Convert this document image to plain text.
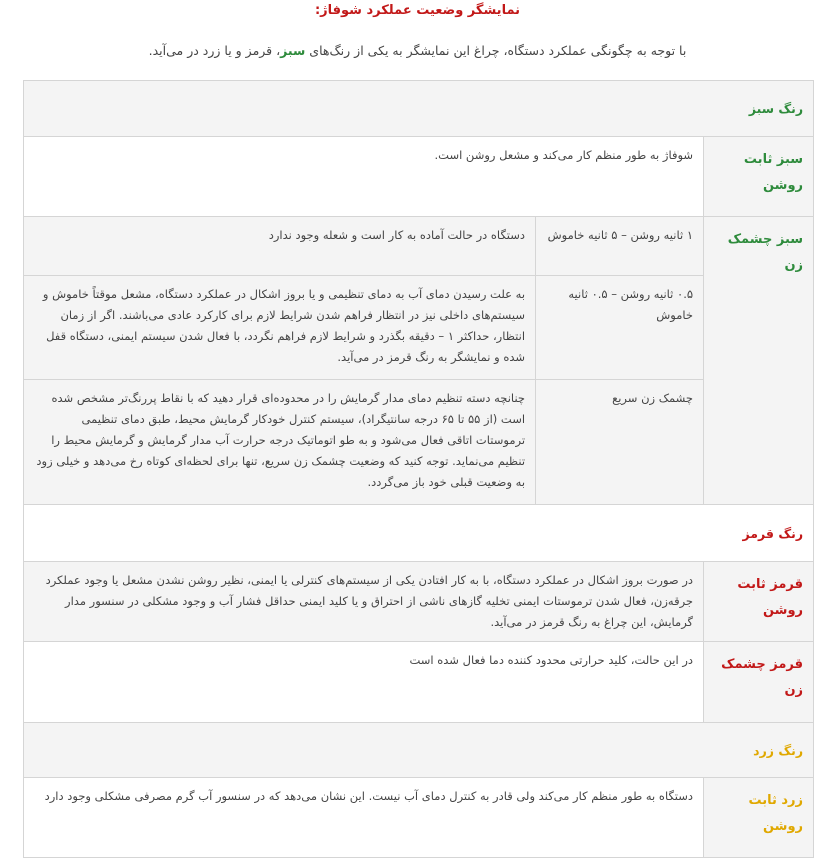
نمایشگر وضعیت عملکرد شوفاژ:
با توجه به چگونگی عملکرد دستگاه، چراغ این نمایشگر به یکی از رنگ‌های سبز، قرمز و یا زرد در می‌آید.
رنگ سبز		
سبز ثابت روشن	شوفاژ به طور منظم کار می‌کند و مشعل روشن است.	
سبز چشمک زن	۱ ثانیه روشن – ۵ ثانیه خاموش	دستگاه در حالت آماده به کار است و شعله وجود ندارد
	۰.۵ ثانیه روشن – ۰.۵ ثانیه خاموش	به علت رسیدن دمای آب به دمای تنظیمی و یا بروز اشکال در عملکرد دستگاه، مشعل موقتاً خاموش و سیستم‌های داخلی نیز در انتظار فراهم شدن شرایط لازم برای کارکرد عادی می‌باشند. اگر از زمان انتظار، حداکثر ۱ – دقیقه بگذرد و شرایط لازم فراهم نگردد، با فعال شدن سیستم ایمنی، دستگاه قفل شده و نمایشگر به رنگ قرمز در می‌آید.
	چشمک زن سریع	چنانچه دسته تنظیم دمای مدار گرمایش را در محدوده‌ای قرار دهید که با نقاط پررنگ‌تر مشخص شده است (از ۵۵ تا ۶۵ درجه سانتیگراد)، سیستم کنترل خودکار گرمایش محیط، طبق دمای تنظیمی ترموستات اتاقی فعال می‌شود و به طو اتوماتیک درجه حرارت آب مدار گرمایش و گرمایش محیط را تنظیم می‌نماید. توجه کنید که وضعیت چشمک زن سریع، تنها برای لحظه‌ای کوتاه رخ می‌دهد و خیلی زود به وضعیت قبلی خود باز می‌گردد.
رنگ قرمز		
قرمز ثابت روشن	در صورت بروز اشکال در عملکرد دستگاه، با به کار افتادن یکی از سیستم‌های کنترلی یا ایمنی، نظیر روشن نشدن مشعل یا وجود عملکرد جرقه‌زن، فعال شدن ترموستات ایمنی تخلیه گازهای ناشی از احتراق و یا کلید ایمنی حداقل فشار آب و وجود مشکلی در سنسور مدار گرمایش، این چراغ به رنگ قرمز در می‌آید.	
قرمز چشمک زن	در این حالت، کلید حرارتی محدود کننده دما فعال شده است	
رنگ زرد		
زرد ثابت روشن	دستگاه به طور منظم کار می‌کند ولی قادر به کنترل دمای آب نیست. این نشان می‌دهد که در سنسور آب گرم مصرفی مشکلی وجود دارد	
